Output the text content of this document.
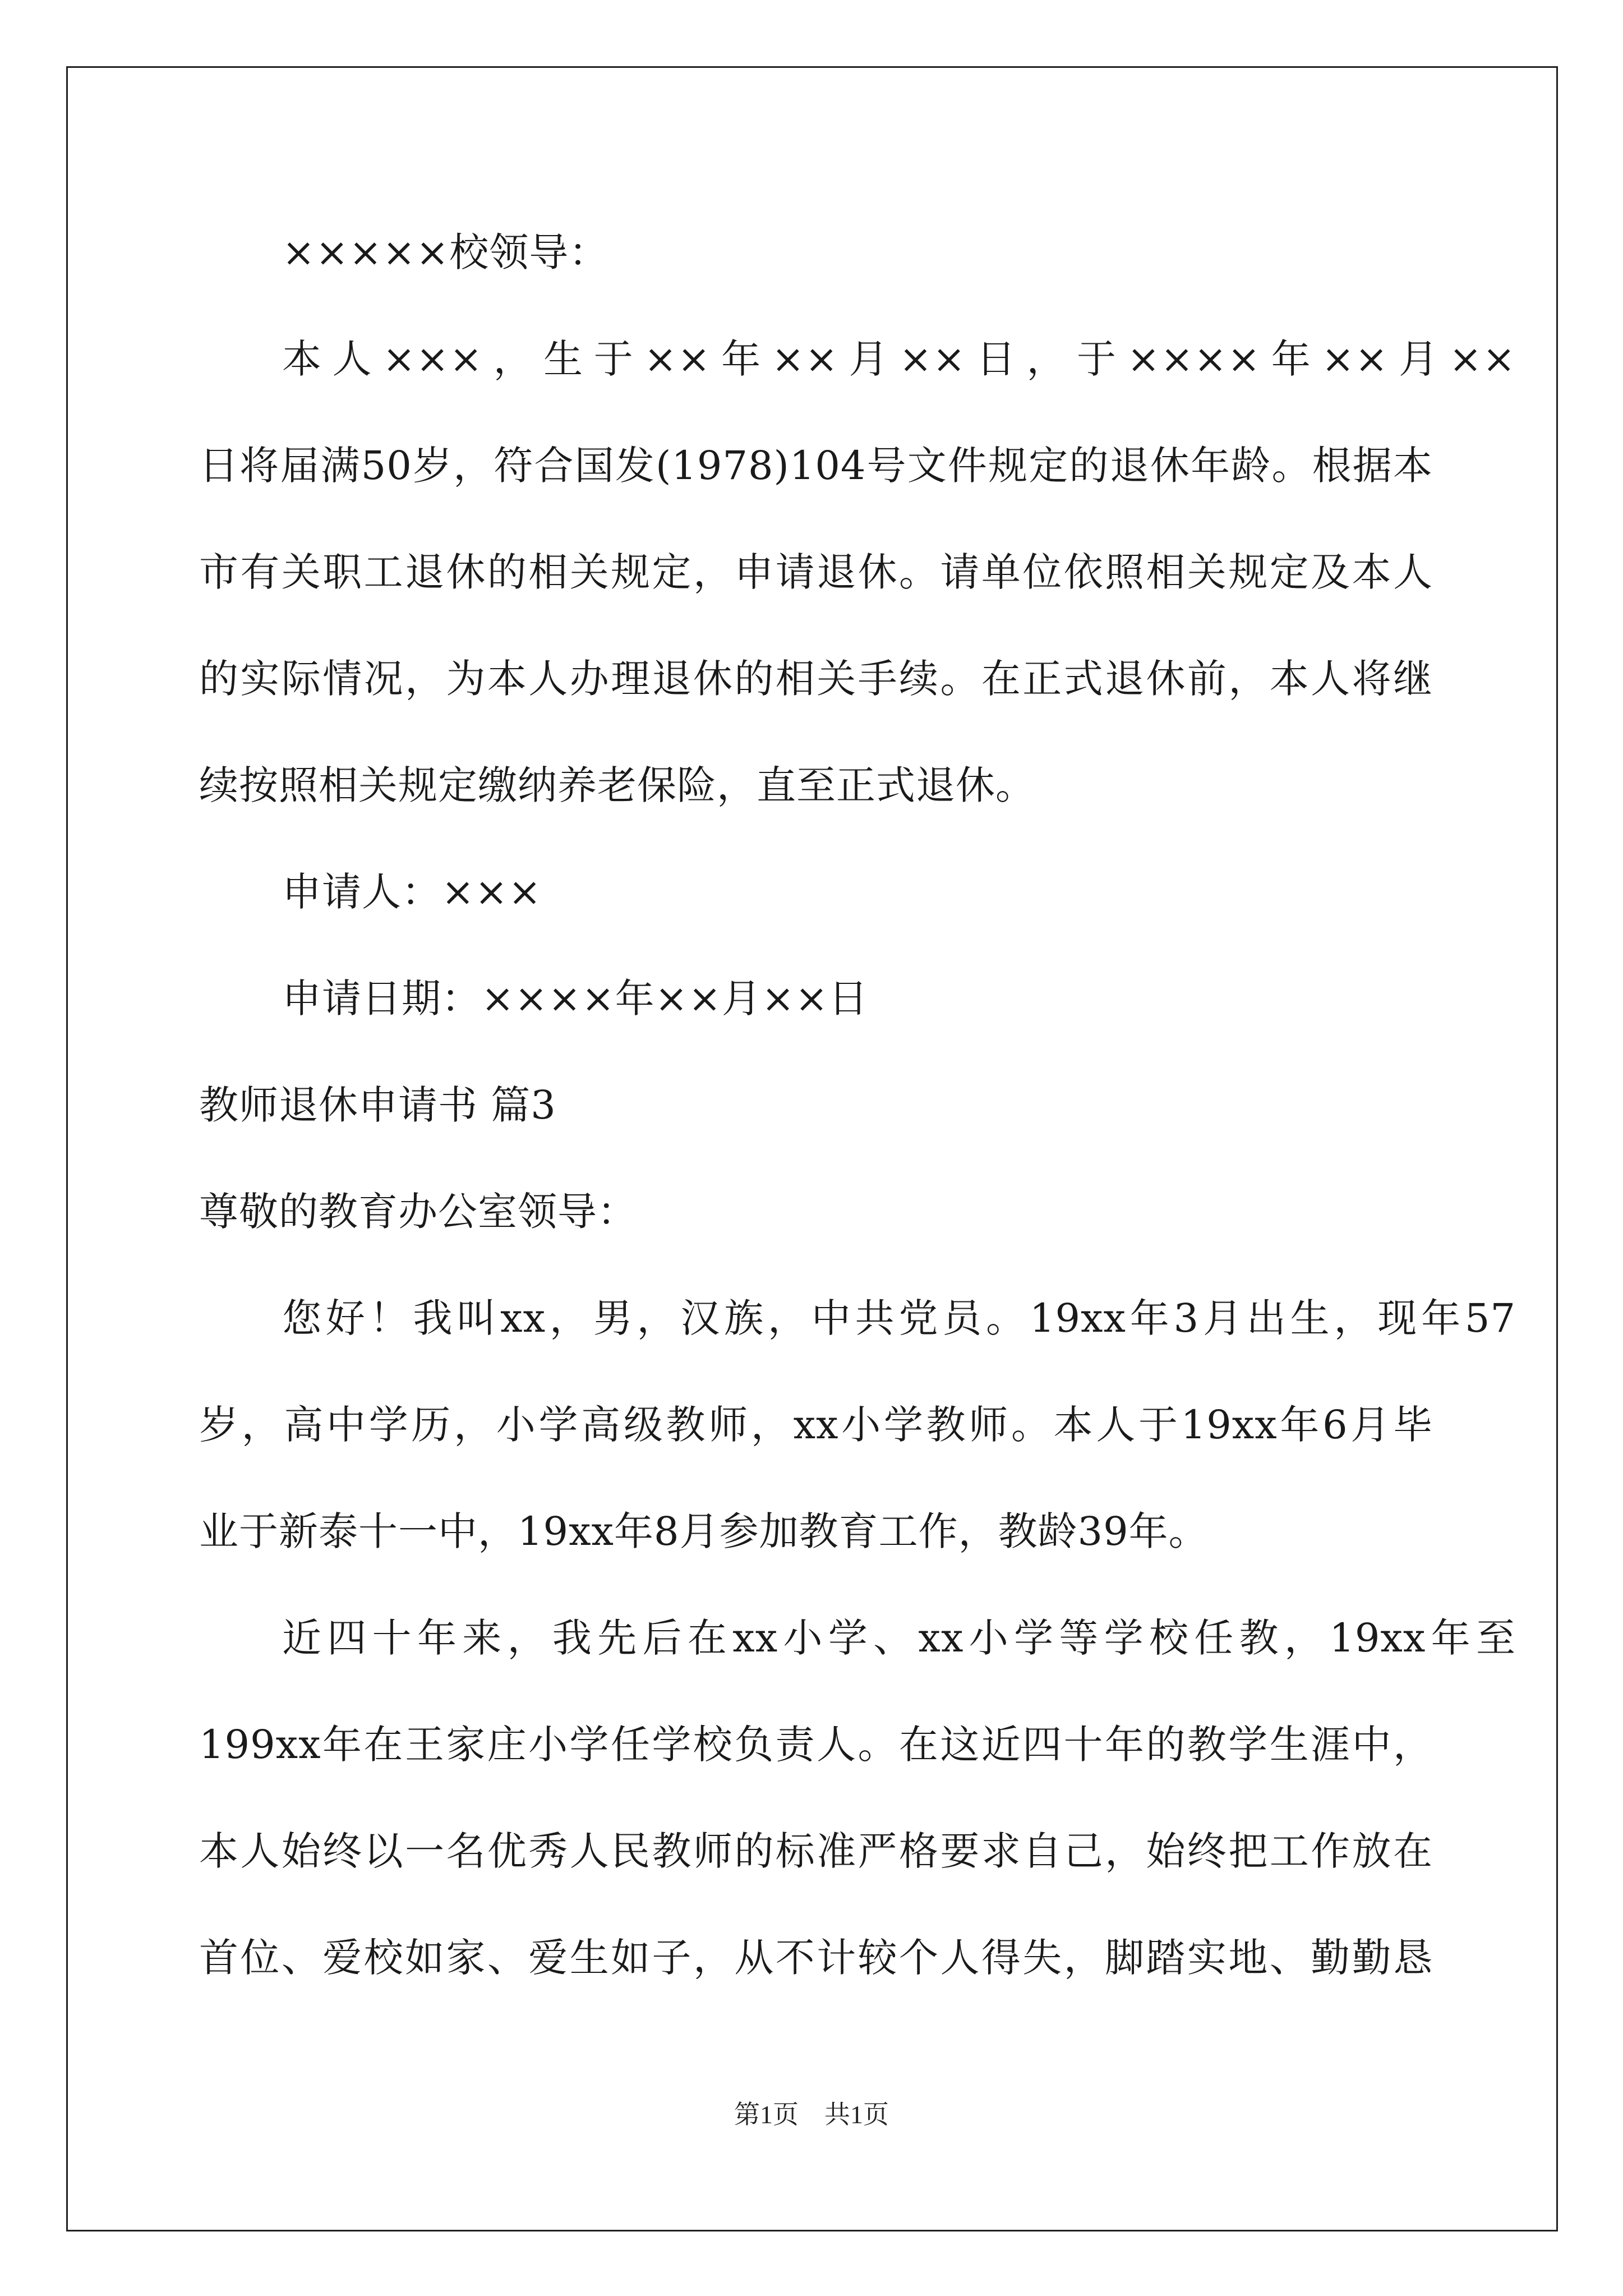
×××××校领导：
本人×××，生于××年××月××日，于××××年××月××
日将届满50岁，符合国发(1978)104号文件规定的退休年龄。根据本
市有关职工退休的相关规定，申请退休。请单位依照相关规定及本人
的实际情况，为本人办理退休的相关手续。在正式退休前，本人将继
续按照相关规定缴纳养老保险，直至正式退休。
申请人：×××
申请日期：××××年××月××日
教师退休申请书 篇3
尊敬的教育办公室领导：
您好！我叫xx，男，汉族，中共党员。19xx年3月出生，现年57
岁，高中学历，小学高级教师，xx小学教师。本人于19xx年6月毕
业于新泰十一中，19xx年8月参加教育工作，教龄39年。
近四十年来，我先后在xx小学、xx小学等学校任教，19xx年至
199xx年在王家庄小学任学校负责人。在这近四十年的教学生涯中，
本人始终以一名优秀人民教师的标准严格要求自己，始终把工作放在
首位、爱校如家、爱生如子，从不计较个人得失，脚踏实地、勤勤恳
第1页 共1页
